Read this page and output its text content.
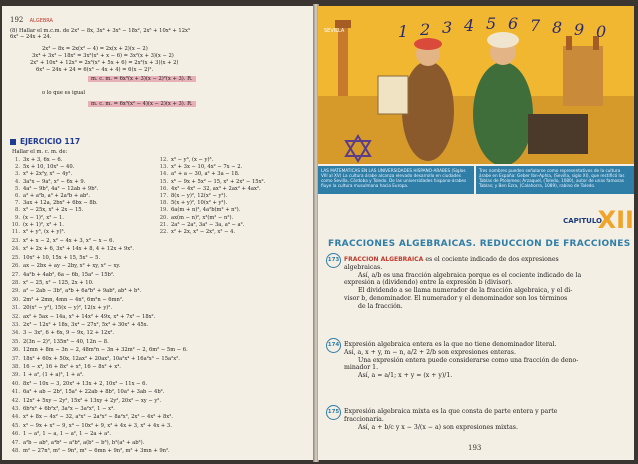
192 ALGEBRA
(8) Hallar el m.c.m. de 2x³ − 8x, 3x⁴ + 3x³ − 18x², 2x⁵ + 10x⁴ + 12x³
6x⁵ − 24x + 24.
2x³ − 8x = 2x(x² − 4) = 2x(x + 2)(x − 2)
3x⁴ + 3x³ − 18x² = 3x²(x² + x − 6) = 3x²(x + 3)(x − 2)
2x⁵ + 10x⁴ + 12x³ = 2x³(x² + 5x + 6) = 2x³(x + 3)(x + 2)
6x³ − 24x + 24 = 6(x³ − 4x + 4) = 6(x − 2)².
m. c. m. = 6x³(x + 3)(x − 2)²(x + 3). R.
o lo que es igual
m. c. m. = 6x³(x² − 4)(x − 2)(x + 3). R.
EJERCICIO 117
Hallar el m. c. m. de:
1. 3x + 3, 6x − 6.
2. 5x + 10, 10x² − 40.
3. x³ + 2x²y, x² − 4y².
4. 3a²x − 9a², x² − 6x + 9.
5. 4a² − 9b², 4a² − 12ab + 9b².
6. a³ + a²b, a³ + 2a²b + ab².
7. 3ax + 12a, 2bx² + 6bx − 8b.
8. x³ − 25x, x² + 2x − 15.
9. (x − 1)², x² − 1.
10. (x + 1)², x² + 1.
11. x³ + y³, (x + y)³.
12. x³ − y³, (x − y)³.
13. x² + 3x − 10, 4x² − 7x − 2.
14. a² + a − 30, a² + 3a − 18.
15. x⁶ − 9x + 5x² − 15, x² + 2x² − 15x².
16. 4x² − 4x² − 32, ax³ + 2ax² + 4ax².
17. 8(x − y)², 12(x² − y²).
18. 5(x + y)², 10(x² + y²).
19. 6a(m + n)², 4a²b(m² + n²).
20. ax(m − n)², x³(m² − n²).
21. 2a³ − 2a², 3a² − 3a, a⁴ − a².
22. x² + 2x, x³ − 2x², x² − 4.
23. x² + x − 2, x² − 4x + 3, x² − x − 6.
24. x² + 2x + 6, 3x² + 14x + 8, 4 + 12x + 9x².
25. 10x² + 10, 15x + 15, 5x² − 5.
26. ax − 2bx + ay − 2by, x² + xy, x² − xy.
27. 4a²b + 4ab², 6a − 6b, 15a² − 15b².
28. x² − 25, x² − 125, 2x + 10.
29. a² − 2ab − 3b², a⁴b + 6a²b² + 9ab², ab⁴ + b⁴.
30. 2m² + 2mn, 4mn − 4n², 6m²n − 6mn².
31. 20(x² − y²), 15(x − y)², 12(x + y)².
32. ax² + 5ax − 14a, x³ + 14x² + 49x, x⁴ + 7x³ − 18x².
33. 2x³ − 12x² + 18x, 3x⁴ − 27x², 5x³ + 30x² + 45x.
34. 3 − 3x², 6 + 6x, 9 − 9x, 12 + 12x².
35. 2(3n − 2)², 135n³ − 40, 12n − 8.
36. 12mn + 8m − 3n − 2, 48m²n − 3n + 32m² − 2, 6m² − 5m − 6.
37. 18x² + 60x + 50x, 12ax² + 20ax², 10a²x⁴ + 16a²x³ − 15a²x².
38. 16 − x⁴, 16 + 8x² + x⁴, 16 − 8x² + x⁴.
39. 1 + a², (1 + a)², 1 + a³.
40. 8x³ − 10x − 3, 20x² + 13x + 2, 10x² − 11x − 6.
41. 6a² + ab − 2b², 15a² + 22ab + 8b², 10a² + 3ab − 4b².
42. 12x² + 5xy − 2y², 15x² + 13xy + 2y², 20x² − xy − y².
43. 6b²x² + 6b²x³, 3a²x − 3a²x², 1 − x⁴.
44. x⁴ + 8x − 4x² − 32, a²x² − 2a²x² − 8a²x², 2x² − 4x² + 8x².
45. x³ − 9x + x² − 9, x⁴ − 10x² + 9, x² + 4x + 3, x² + 4x + 3.
46. 1 − a³, 1 − a, 1 − a², 1 − 2a + a².
47. a²b − ab³, a⁴b² − a²b⁴, a(b² − b³), b²(a³ + ab²).
48. m² − 27n³, m² − 9n², m² − 6mn + 9n², m² + 3mn + 9n².
1 2 3 4 5 6 7 8 9 0
SEVILLA
LAS MATEMATICAS EN LAS UNIVERSIDADES HISPANO-ARABES (Siglos VIII al XV) La cultura árabe alcanza elevado desarrollo en ciudades como Sevilla, Córdoba y Toledo. De las universidades hispano-árabes fluye la cultura musulmana hacia Europa.
Tres nombres pueden señalarse como representativos de la cultura árabe en España: Geber Ibn-Aphla, (Sevilla, siglo XI), que rectificó las Tablas de Ptolomeo; Arzaquel, (Toledo, 1080), autor de unas famosas Tablas; y Ben Ezra, (Calahorra, 1089), rabino de Toledo.
CAPITULO
XII
FRACCIONES ALGEBRAICAS. REDUCCION DE FRACCIONES
173 FRACCION ALGEBRAICA es el cociente indicado de dos expresiones
algebraicas.
Así, a/b es una fracción algebraica porque es el cociente indicado de la
expresión a (dividendo) entre la expresión b (divisor).
El dividendo a se llama numerador de la fracción algebraica, y el di-
visor b, denominador. El numerador y el denominador son los términos
de la fracción.
174 Expresión algebraica entera es la que no tiene denominador literal.
Así, a, x + y, m − n, a/2 + 2/b son expresiones enteras.
Una expresión entera puede considerarse como una fracción de deno-
minador 1.
Así, a = a/1; x + y = (x + y)/1.
175 Expresión algebraica mixta es la que consta de parte entera y parte
fraccionaria.
Así, a + b/c y x − 3/(x − a) son expresiones mixtas.
193
